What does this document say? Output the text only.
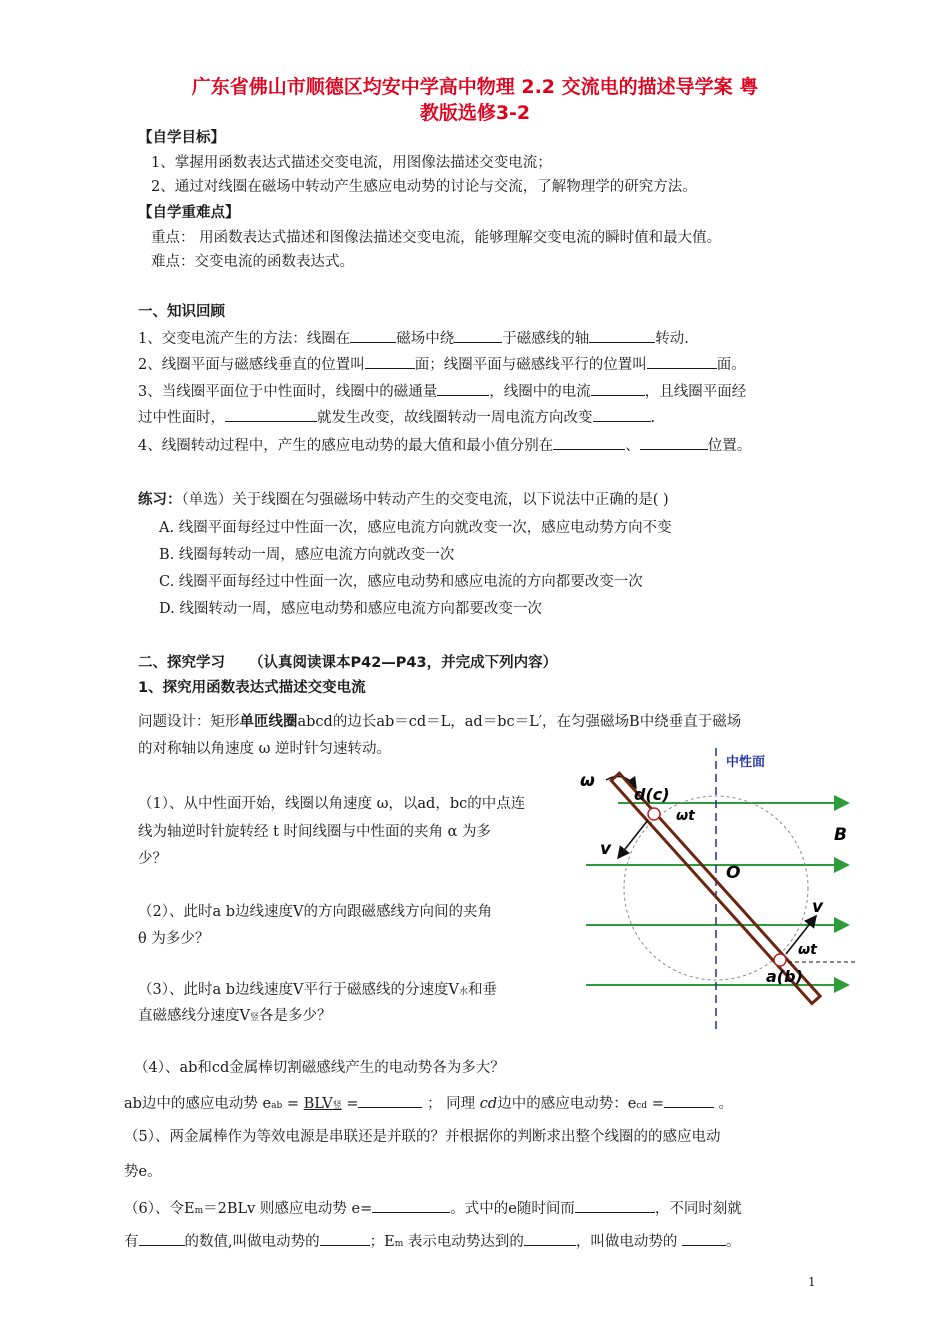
广东省佛山市顺德区均安中学高中物理 2.2 交流电的描述导学案 粤
教版选修3-2
【自学目标】
1、掌握用函数表达式描述交变电流，用图像法描述交变电流；
2、通过对线圈在磁场中转动产生感应电动势的讨论与交流，了解物理学的研究方法。
【自学重难点】
重点： 用函数表达式描述和图像法描述交变电流，能够理解交变电流的瞬时值和最大值。
难点：交变电流的函数表达式。
一、知识回顾
1、交变电流产生的方法：线圈在	磁场中绕	于磁感线的轴	转动.
2、线圈平面与磁感线垂直的位置叫	面；线圈平面与磁感线平行的位置叫	面。
3、当线圈平面位于中性面时，线圈中的磁通量	，线圈中的电流	，且线圈平面经
过中性面时，	就发生改变，故线圈转动一周电流方向改变	.
4、线圈转动过程中，产生的感应电动势的最大值和最小值分别在	、	位置。
练习：（单选）关于线圈在匀强磁场中转动产生的交变电流，以下说法中正确的是( )
A. 线圈平面每经过中性面一次，感应电流方向就改变一次，感应电动势方向不变
B. 线圈每转动一周，感应电流方向就改变一次
C. 线圈平面每经过中性面一次，感应电动势和感应电流的方向都要改变一次
D. 线圈转动一周，感应电动势和感应电流方向都要改变一次
二、探究学习 （认真阅读课本P42—P43，并完成下列内容）
1、探究用函数表达式描述交变电流
问题设计：矩形单匝线圈abcd的边长ab＝cd＝L，ad＝bc＝L′，在匀强磁场B中绕垂直于磁场
的对称轴以角速度 ω 逆时针匀速转动。
（1）、从中性面开始，线圈以角速度 ω，以ad，bc的中点连
线为轴逆时针旋转经 t 时间线圈与中性面的夹角 α 为多
少？
（2）、此时a b边线速度V的方向跟磁感线方向间的夹角
θ 为多少？
（3）、此时a b边线速度V平行于磁感线的分速度V水和垂
直磁感线分速度V竖各是多少？
中性面
ω
d(c)
ωt
v
O
B
v
ωt
a(b)
（4）、ab和cd金属棒切割磁感线产生的电动势各为多大？
ab边中的感应电动势 eab = BLV竖 =	； 同理 cd边中的感应电动势：ecd =	。
（5）、两金属棒作为等效电源是串联还是并联的？并根据你的判断求出整个线圈的的感应电动
势e。
（6）、令Em＝2BLv 则感应电动势 e=	。式中的e随时间而	，不同时刻就
有	的数值,叫做电动势的	；Em 表示电动势达到的	，叫做电动势的	。
1
